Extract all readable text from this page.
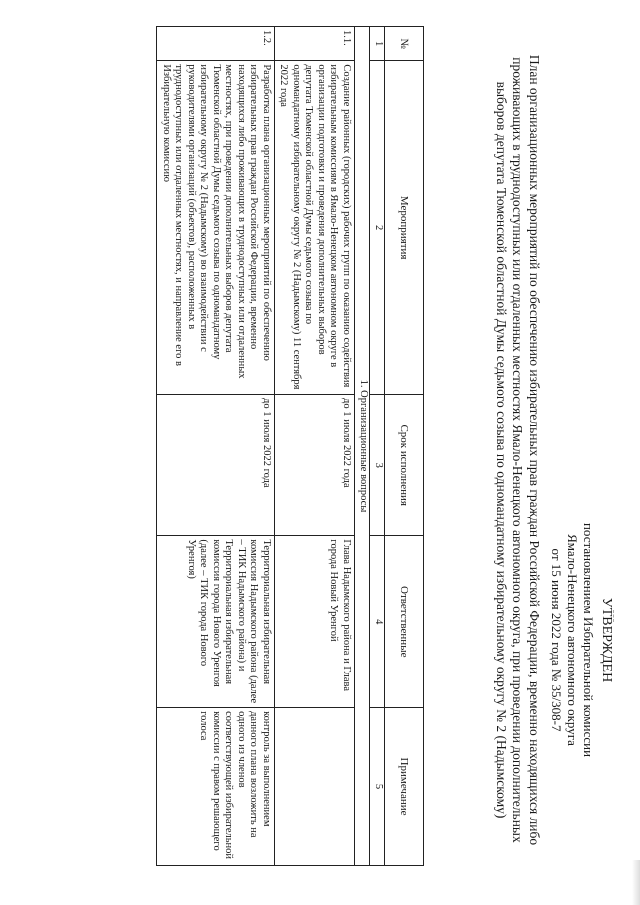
УТВЕРЖДЕН
постановлением Избирательной комиссии
Ямало-Ненецкого автономного округа
от 15 июня 2022 года № 35/308-7
План организационных мероприятий по обеспечению избирательных прав граждан Российской Федерации, временно находящихся либо проживающих в труднодоступных или отдаленных местностях Ямало-Ненецкого автономного округа, при проведении дополнительных выборов депутата Тюменской областной Думы седьмого созыва по одномандатному избирательному округу № 2 (Надымскому)
№	Мероприятия	Срок исполнения	Ответственные	Примечание
1	2	3	4	5
1. Организационные вопросы				
1.1.	Создание районных (городских) рабочих групп по оказанию содействия избирательным комиссиям в Ямало-Ненецком автономном округе в организации подготовки и проведения дополнительных выборов депутата Тюменской областной Думы седьмого созыва по одномандатному избирательному округу № 2 (Надымскому) 11 сентября 2022 года	до 1 июля 2022 года	Глава Надымского района и Глава города Новый Уренгой	
1.2.	Разработка плана организационных мероприятий по обеспечению избирательных прав граждан Российской Федерации, временно находящихся либо проживающих в труднодоступных или отдаленных местностях, при проведении дополнительных выборов депутата Тюменской областной Думы седьмого созыва по одномандатному избирательному округу № 2 (Надымскому) во взаимодействии с руководителями организаций (объектов), расположенных в труднодоступных или отдаленных местностях, и направление его в Избирательную комиссию	до 1 июля 2022 года	Территориальная избирательная комиссия Надымского района (далее – ТИК Надымского района) и Территориальная избирательная комиссия города Нового Уренгоя (далее – ТИК города Нового Уренгоя)	контроль за выполнением данного плана возложить на одного из членов соответствующей избирательной комиссии с правом решающего голоса
